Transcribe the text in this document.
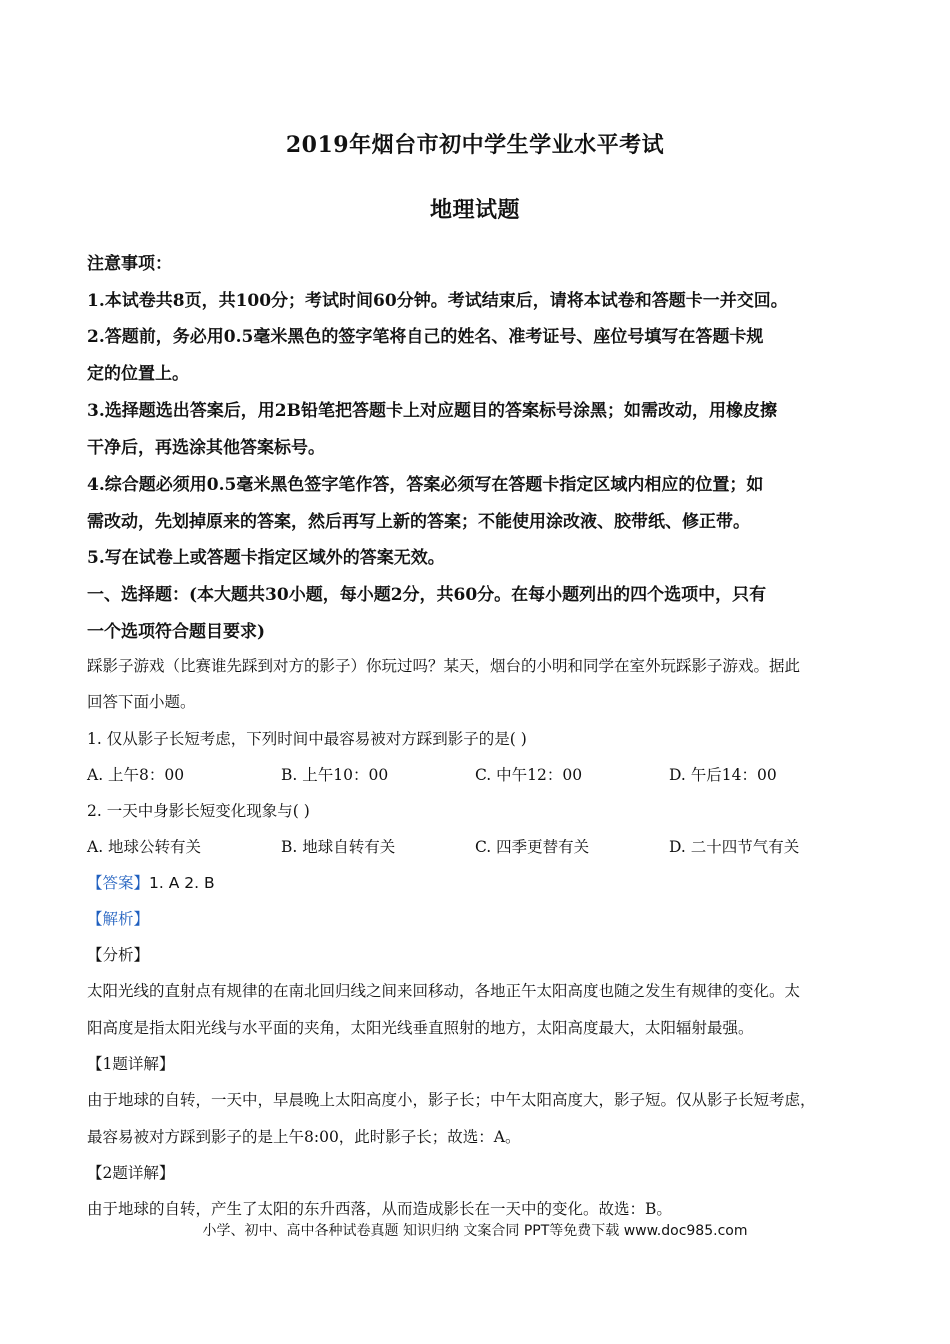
2019年烟台市初中学生学业水平考试
地理试题
注意事项：
1.本试卷共8页，共100分；考试时间60分钟。考试结束后，请将本试卷和答题卡一并交回。
2.答题前，务必用0.5毫米黑色的签字笔将自己的姓名、准考证号、座位号填写在答题卡规
定的位置上。
3.选择题选出答案后，用2B铅笔把答题卡上对应题目的答案标号涂黑；如需改动，用橡皮擦
干净后，再选涂其他答案标号。
4.综合题必须用0.5毫米黑色签字笔作答，答案必须写在答题卡指定区域内相应的位置；如
需改动，先划掉原来的答案，然后再写上新的答案；不能使用涂改液、胶带纸、修正带。
5.写在试卷上或答题卡指定区域外的答案无效。
一、选择题：(本大题共30小题，每小题2分，共60分。在每小题列出的四个选项中，只有
一个选项符合题目要求)
踩影子游戏（比赛谁先踩到对方的影子）你玩过吗？某天，烟台的小明和同学在室外玩踩影子游戏。据此
回答下面小题。
1. 仅从影子长短考虑，下列时间中最容易被对方踩到影子的是( )
A. 上午8：00	B. 上午10：00	C. 中午12：00	D. 午后14：00
2. 一天中身影长短变化现象与( )
A. 地球公转有关	B. 地球自转有关	C. 四季更替有关	D. 二十四节气有关
【答案】1. A 2. B
【解析】
【分析】
太阳光线的直射点有规律的在南北回归线之间来回移动，各地正午太阳高度也随之发生有规律的变化。太
阳高度是指太阳光线与水平面的夹角，太阳光线垂直照射的地方，太阳高度最大，太阳辐射最强。
【1题详解】
由于地球的自转，一天中，早晨晚上太阳高度小，影子长；中午太阳高度大，影子短。仅从影子长短考虑，
最容易被对方踩到影子的是上午8:00，此时影子长；故选：A。
【2题详解】
由于地球的自转，产生了太阳的东升西落，从而造成影长在一天中的变化。故选：B。
小学、初中、高中各种试卷真题 知识归纳 文案合同 PPT等免费下载 www.doc985.com
